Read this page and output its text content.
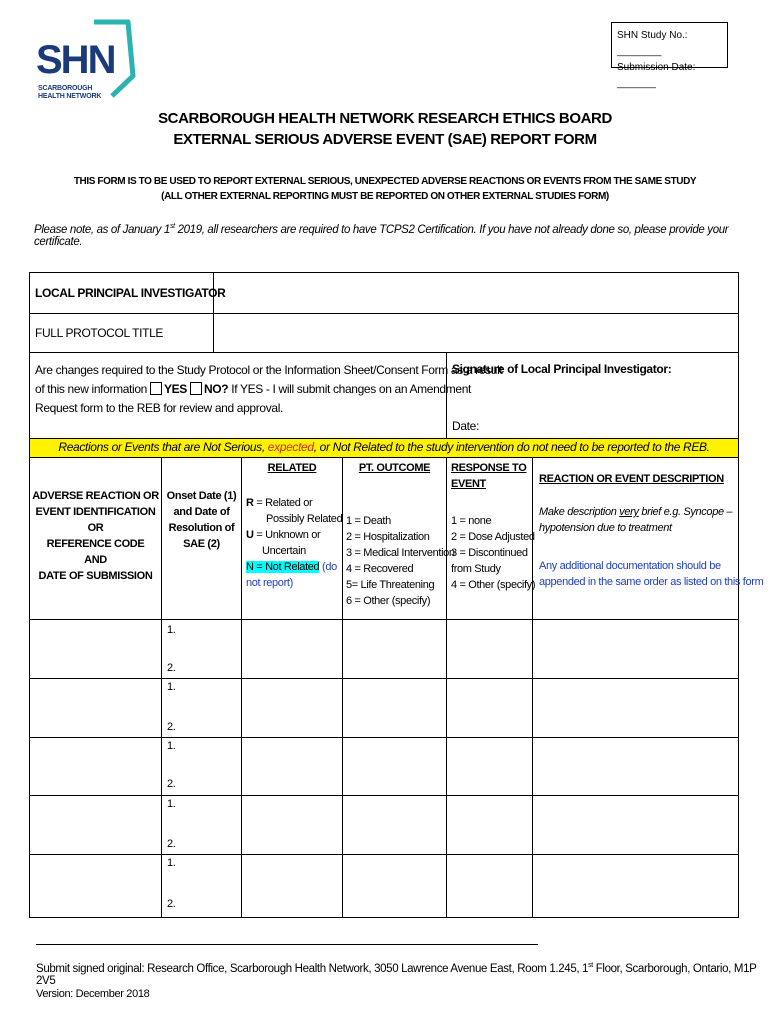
SHN Study No.: ________
Submission Date: _______
SHN
SCARBOROUGH
HEALTH NETWORK
SCARBOROUGH HEALTH NETWORK RESEARCH ETHICS BOARD
EXTERNAL SERIOUS ADVERSE EVENT (SAE) REPORT FORM
THIS FORM IS TO BE USED TO REPORT EXTERNAL SERIOUS, UNEXPECTED ADVERSE REACTIONS OR EVENTS FROM THE SAME STUDY
(ALL OTHER EXTERNAL REPORTING MUST BE REPORTED ON OTHER EXTERNAL STUDIES FORM)
Please note, as of January 1st 2019, all researchers are required to have TCPS2 Certification. If you have not already done so, please provide your certificate.
LOCAL PRINCIPAL INVESTIGATOR
FULL PROTOCOL TITLE
Are changes required to the Study Protocol or the Information Sheet/Consent Form as a result
of this new information YES NO? If YES - I will submit changes on an Amendment
Request form to the REB for review and approval.
Signature of Local Principal Investigator:
Date:
Reactions or Events that are Not Serious, expected, or Not Related to the study intervention do not need to be reported to the REB.
ADVERSE REACTION OR
EVENT IDENTIFICATION OR
REFERENCE CODE
AND
DATE OF SUBMISSION
Onset Date (1)
and Date of
Resolution of
SAE (2)
RELATED
R = Related or
Possibly Related
U = Unknown or
Uncertain
N = Not Related (do
not report)
PT. OUTCOME
1 = Death
2 = Hospitalization
3 = Medical Intervention
4 = Recovered
5= Life Threatening
6 = Other (specify)
RESPONSE TO
EVENT
1 = none
2 = Dose Adjusted
3 = Discontinued
from Study
4 = Other (specify)
REACTION OR EVENT DESCRIPTION
Make description very brief e.g. Syncope –
hypotension due to treatment
Any additional documentation should be
appended in the same order as listed on this form
1.
2.
1.
2.
1.
2.
1.
2.
1.
2.
Submit signed original: Research Office, Scarborough Health Network, 3050 Lawrence Avenue East, Room 1.245, 1st Floor, Scarborough, Ontario, M1P 2V5
Version: December 2018
